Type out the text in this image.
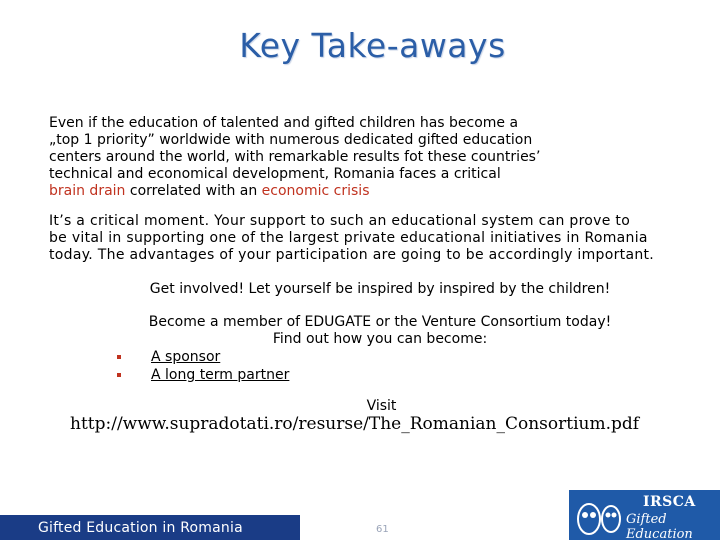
Key Take-aways
Even if the education of talented and gifted children has become a
„top 1 priority” worldwide with numerous dedicated gifted education
centers around the world, with remarkable results fot these countries’
technical and economical development, Romania faces a critical
brain drain correlated with an economic crisis
It’s a critical moment. Your support to such an educational system can prove to
be vital in supporting one of the largest private educational initiatives in Romania
today. The advantages of your participation are going to be accordingly important.
Get involved! Let yourself be inspired by inspired by the children!
Become a member of EDUGATE or the Venture Consortium today!
Find out how you can become:
A sponsor
A long term partner
Visit
http://www.supradotati.ro/resurse/The_Romanian_Consortium.pdf
Gifted Education in Romania	61
IRSCA
Gifted Education
